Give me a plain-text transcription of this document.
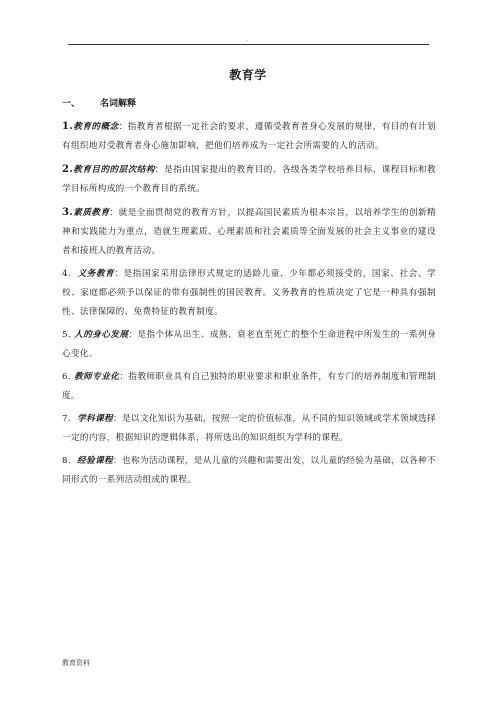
.
教育学
一、 名词解释

1.教育的概念：指教育者根据一定社会的要求，遵循受教育者身心发展的规律，有目的有计划有组织地对受教育者身心施加影响，把他们培养成为一定社会所需要的人的活动。

2.教育目的的层次结构：是指由国家提出的教育目的、各级各类学校培养目标、课程目标和教学目标所构成的一个教育目的系统。

3.素质教育：就是全面贯彻党的教育方针，以提高国民素质为根本宗旨，以培养学生的创新精神和实践能力为重点，造就生理素质、心理素质和社会素质等全面发展的社会主义事业的建设者和接班人的教育活动。

4. 义务教育：是指国家采用法律形式规定的适龄儿童、少年都必须接受的，国家、社会、学校、家庭都必须予以保证的带有强制性的国民教育。义务教育的性质决定了它是一种具有强制性、法律保障的、免费特征的教育制度。

5. 人的身心发展：是指个体从出生、成熟、衰老直至死亡的整个生命进程中所发生的一系列身心变化。

6. 教师专业化：指教师职业具有自己独特的职业要求和职业条件，有专门的培养制度和管理制度。

7. 学科课程：是以文化知识为基础，按照一定的价值标准，从不同的知识领域或学术领域选择一定的内容，根据知识的逻辑体系，将所选出的知识组织为学科的课程。

8. 经验课程：也称为活动课程，是从儿童的兴趣和需要出发，以儿童的经验为基础，以各种不同形式的一系列活动组成的课程。

教育资料
